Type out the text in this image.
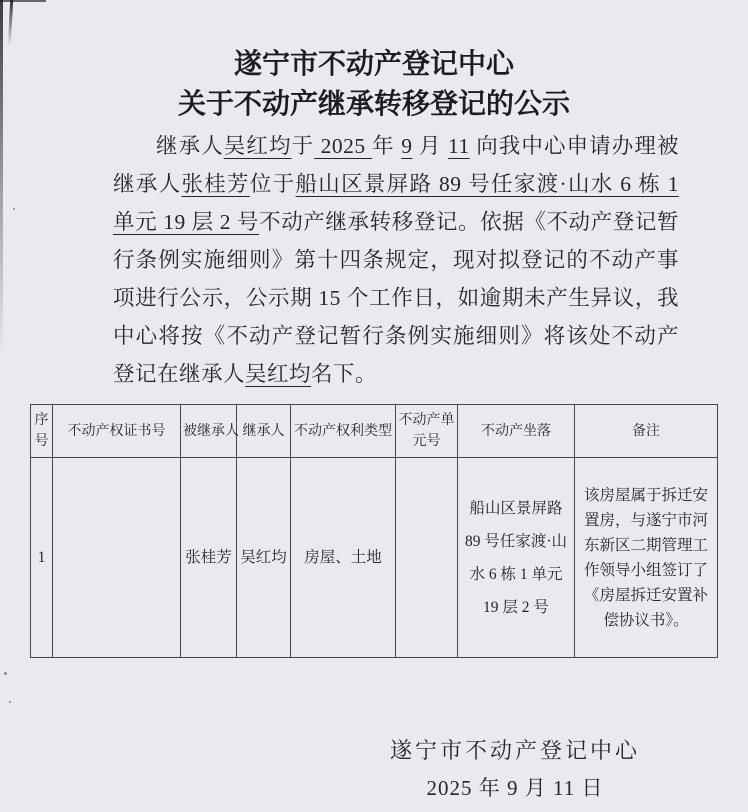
遂宁市不动产登记中心
关于不动产继承转移登记的公示

继承人吴红均于 2025 年 9 月 11 向我中心申请办理被继承人张桂芳位于船山区景屏路 89 号任家渡·山水 6 栋 1 单元 19 层 2 号不动产继承转移登记。依据《不动产登记暂行条例实施细则》第十四条规定，现对拟登记的不动产事项进行公示，公示期 15 个工作日，如逾期未产生异议，我中心将按《不动产登记暂行条例实施细则》将该处不动产登记在继承人吴红均名下。

序号	不动产权证书号	被继承人	继承人	不动产权利类型	不动产单元号	不动产坐落	备注
1		张桂芳	吴红均	房屋、土地		船山区景屏路 89 号任家渡·山水 6 栋 1 单元 19 层 2 号	该房屋属于拆迁安置房，与遂宁市河东新区二期管理工作领导小组签订了《房屋拆迁安置补偿协议书》。
遂宁市不动产登记中心
2025 年 9 月 11 日
